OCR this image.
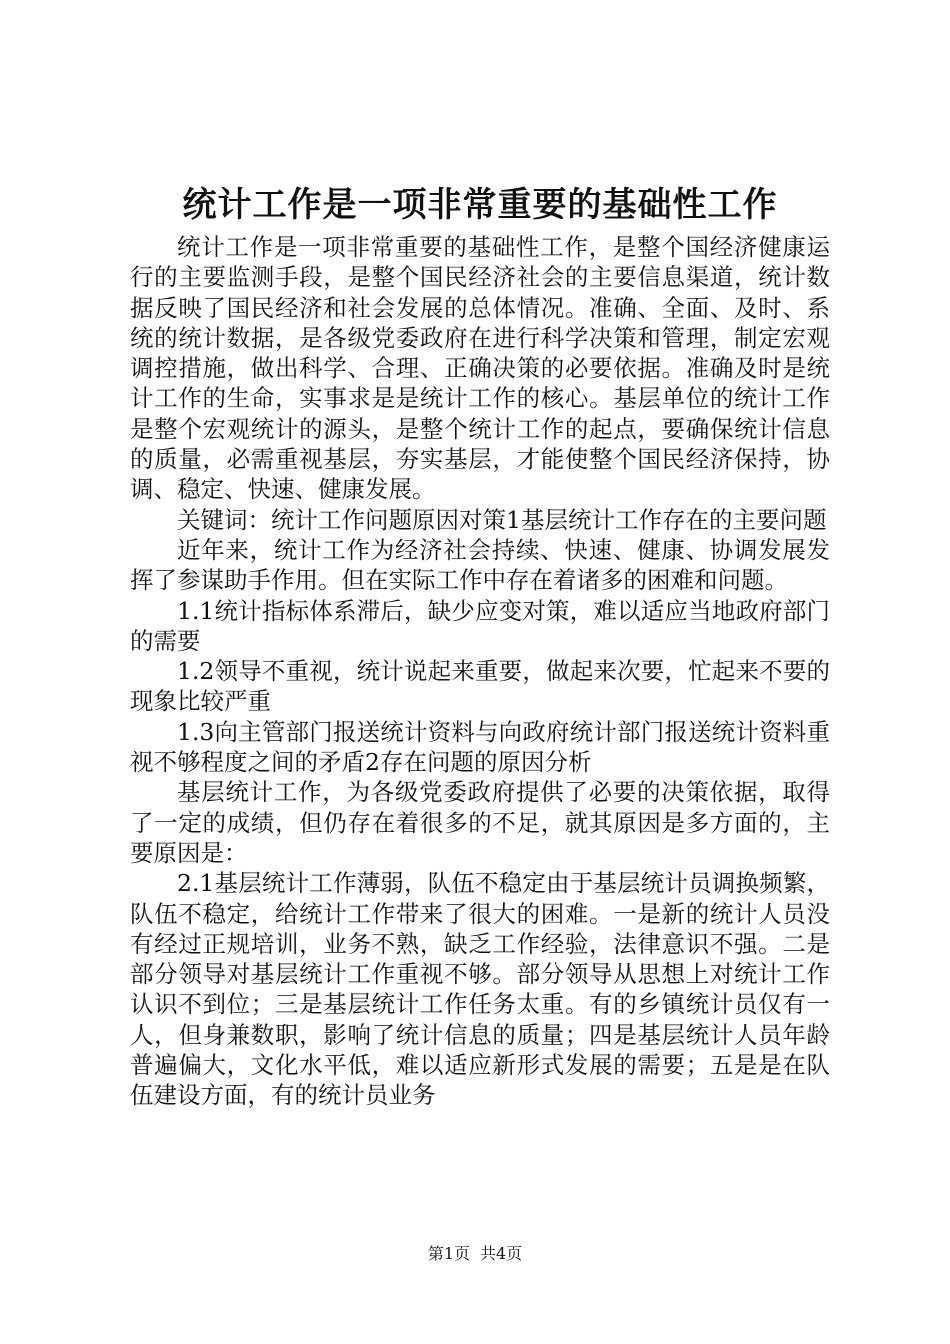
统计工作是一项非常重要的基础性工作

统计工作是一项非常重要的基础性工作，是整个国经济健康运行的主要监测手段，是整个国民经济社会的主要信息渠道，统计数据反映了国民经济和社会发展的总体情况。准确、全面、及时、系统的统计数据，是各级党委政府在进行科学决策和管理，制定宏观调控措施，做出科学、合理、正确决策的必要依据。准确及时是统计工作的生命，实事求是是统计工作的核心。基层单位的统计工作是整个宏观统计的源头，是整个统计工作的起点，要确保统计信息的质量，必需重视基层，夯实基层，才能使整个国民经济保持，协调、稳定、快速、健康发展。

关键词：统计工作问题原因对策1基层统计工作存在的主要问题

近年来，统计工作为经济社会持续、快速、健康、协调发展发挥了参谋助手作用。但在实际工作中存在着诸多的困难和问题。

1.1统计指标体系滞后，缺少应变对策，难以适应当地政府部门的需要

1.2领导不重视，统计说起来重要，做起来次要，忙起来不要的现象比较严重

1.3向主管部门报送统计资料与向政府统计部门报送统计资料重视不够程度之间的矛盾2存在问题的原因分析

基层统计工作，为各级党委政府提供了必要的决策依据，取得了一定的成绩，但仍存在着很多的不足，就其原因是多方面的，主要原因是：

2.1基层统计工作薄弱，队伍不稳定由于基层统计员调换频繁，队伍不稳定，给统计工作带来了很大的困难。一是新的统计人员没有经过正规培训，业务不熟，缺乏工作经验，法律意识不强。二是部分领导对基层统计工作重视不够。部分领导从思想上对统计工作认识不到位；三是基层统计工作任务太重。有的乡镇统计员仅有一人，但身兼数职，影响了统计信息的质量；四是基层统计人员年龄普遍偏大，文化水平低，难以适应新形式发展的需要；五是是在队伍建设方面，有的统计员业务

第1页 共4页
